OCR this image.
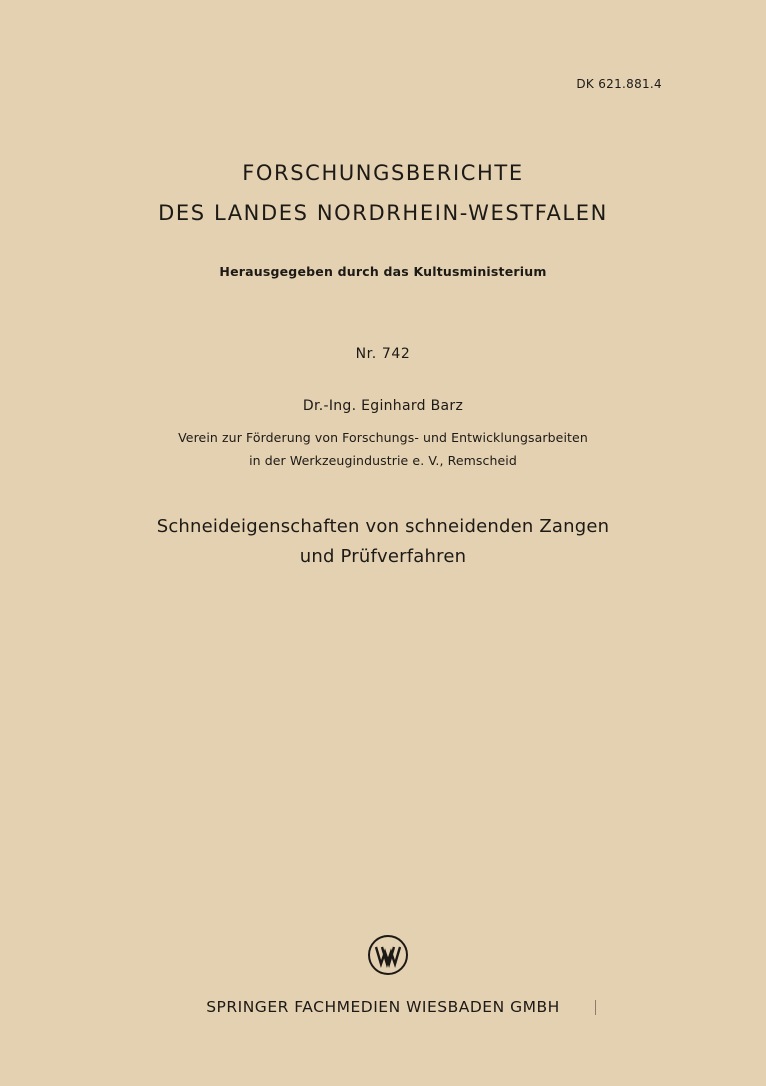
DK 621.881.4
FORSCHUNGSBERICHTE
DES LANDES NORDRHEIN-WESTFALEN
Herausgegeben durch das Kultusministerium
Nr. 742
Dr.-Ing. Eginhard Barz
Verein zur Förderung von Forschungs- und Entwicklungsarbeiten
in der Werkzeugindustrie e. V., Remscheid
Schneideigenschaften von schneidenden Zangen
und Prüfverfahren
SPRINGER FACHMEDIEN WIESBADEN GMBH
